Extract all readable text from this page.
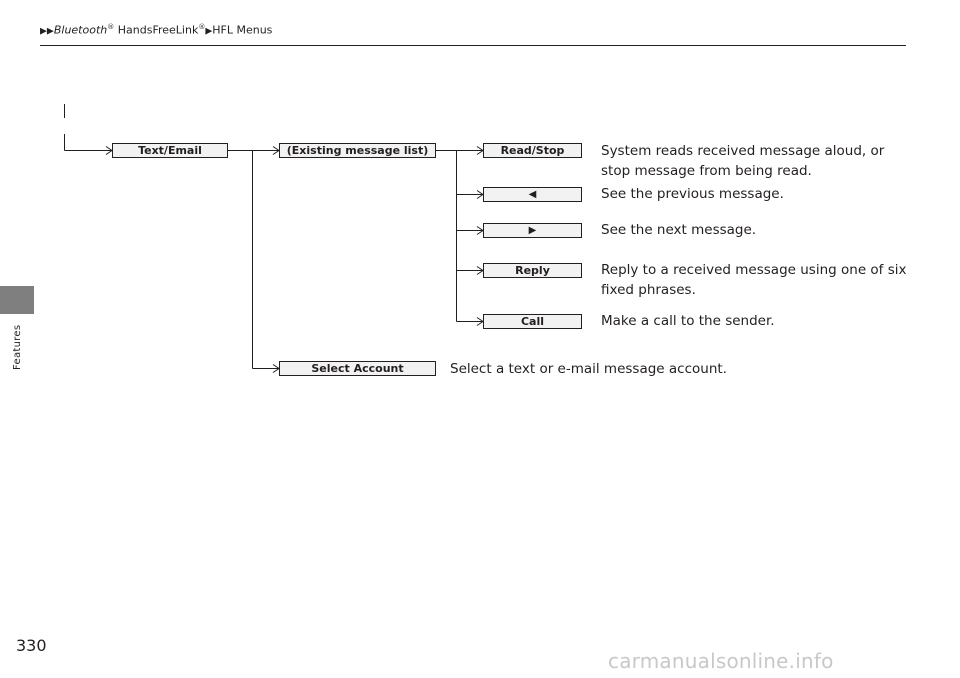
▶▶Bluetooth® HandsFreeLink®▶HFL Menus
Features
Text/Email	(Existing message list)	Read/Stop	System reads received message aloud, or
stop message from being read.
◀	See the previous message.
▶	See the next message.
Reply	Reply to a received message using one of six
fixed phrases.
Call	Make a call to the sender.
Select Account	Select a text or e-mail message account.
330
carmanualsonline.info
